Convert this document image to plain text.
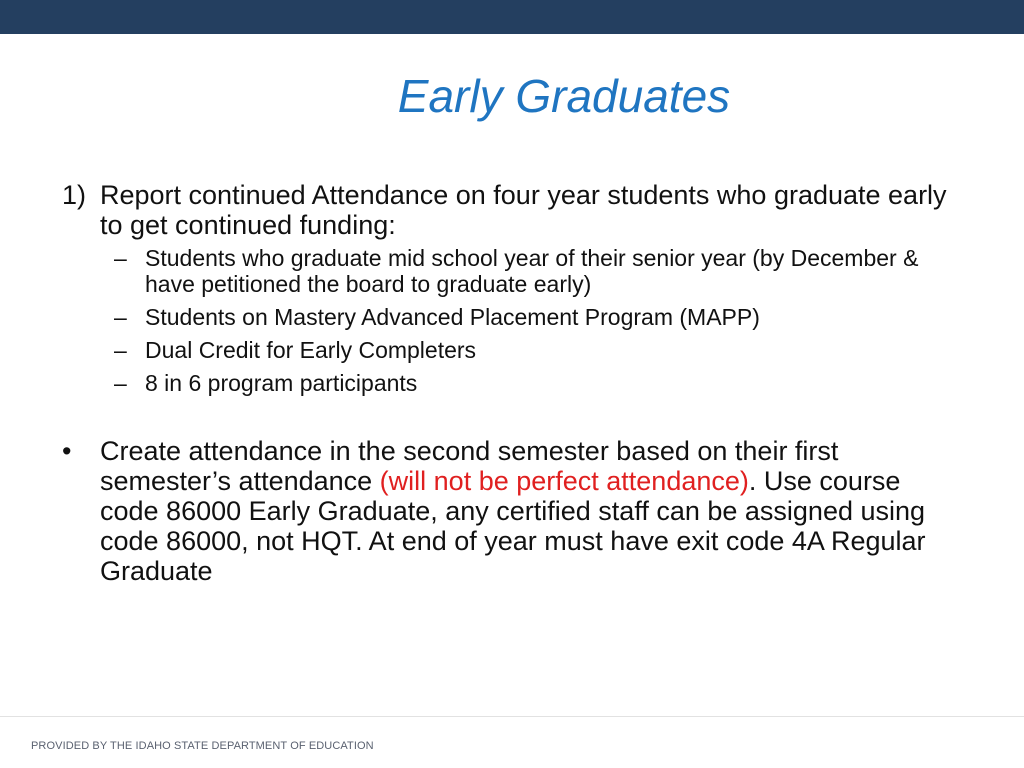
Early Graduates
1) Report continued Attendance on four year students who graduate early to get continued funding:
– Students who graduate mid school year of their senior year (by December & have petitioned the board to graduate early)
– Students on Mastery Advanced Placement Program (MAPP)
– Dual Credit for Early Completers
– 8 in 6 program participants
• Create attendance in the second semester based on their first semester’s attendance (will not be perfect attendance). Use course code 86000 Early Graduate, any certified staff can be assigned using code 86000, not HQT. At end of year must have exit code 4A Regular Graduate
PROVIDED BY THE IDAHO STATE DEPARTMENT OF EDUCATION
